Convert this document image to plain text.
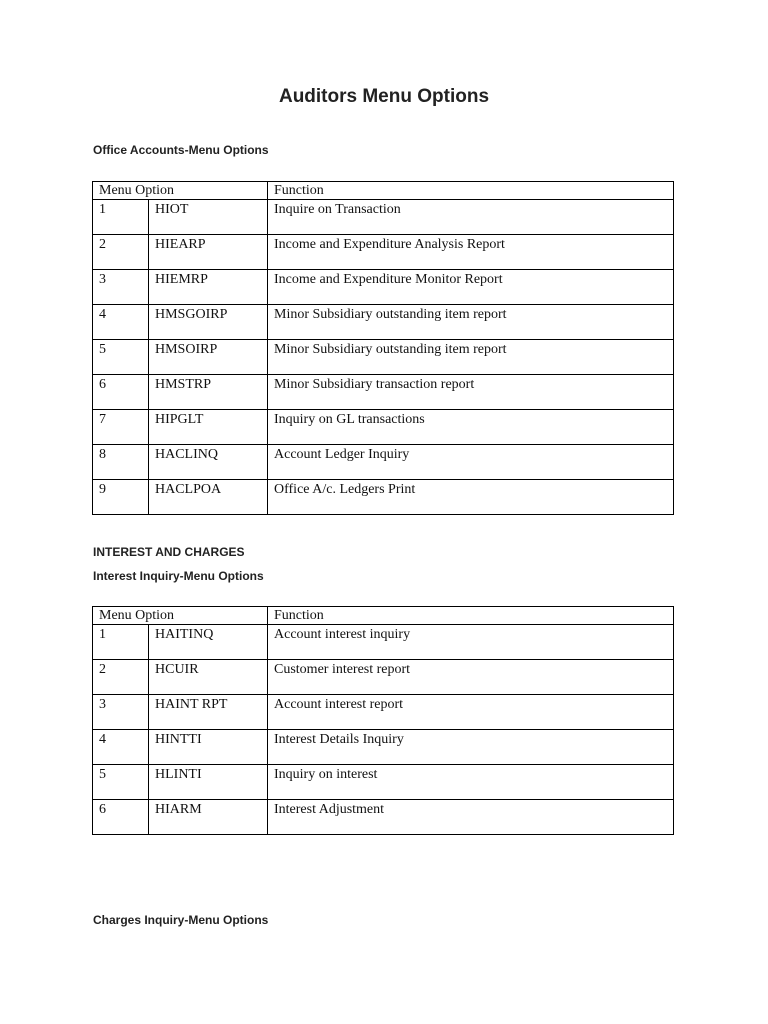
Auditors Menu Options
Office Accounts-Menu Options
Menu Option		Function
1	HIOT	Inquire on Transaction
2	HIEARP	Income and Expenditure Analysis Report
3	HIEMRP	Income and Expenditure Monitor Report
4	HMSGOIRP	Minor Subsidiary outstanding item report
5	HMSOIRP	Minor Subsidiary outstanding item report
6	HMSTRP	Minor Subsidiary transaction report
7	HIPGLT	Inquiry on GL transactions
8	HACLINQ	Account Ledger Inquiry
9	HACLPOA	Office A/c. Ledgers Print
INTEREST AND CHARGES
Interest Inquiry-Menu Options
Menu Option		Function
1	HAITINQ	Account interest inquiry
2	HCUIR	Customer interest report
3	HAINT RPT	Account interest report
4	HINTTI	Interest Details Inquiry
5	HLINTI	Inquiry on interest
6	HIARM	Interest Adjustment
Charges Inquiry-Menu Options
